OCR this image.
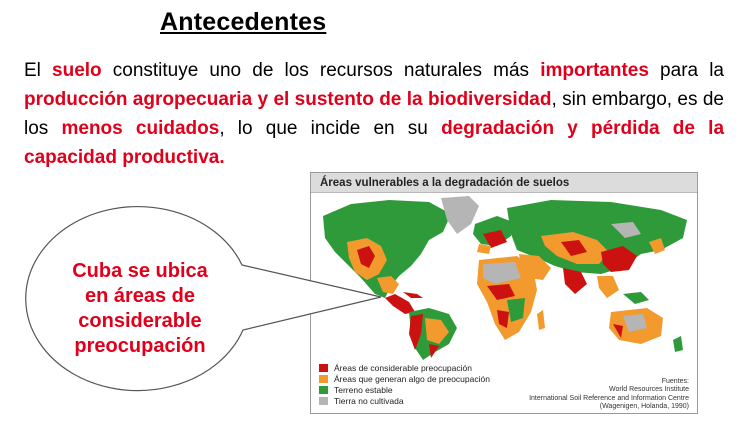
Antecedentes
El suelo constituye uno de los recursos naturales más importantes para la producción agropecuaria y el sustento de la biodiversidad, sin embargo, es de los menos cuidados, lo que incide en su degradación y pérdida de la capacidad productiva.
Áreas vulnerables a la degradación de suelos
Áreas de considerable preocupación
Áreas que generan algo de preocupación
Terreno estable
Tierra no cultivada
Fuentes:
World Resources Institute
International Soil Reference and Information Centre
(Wagenigen, Holanda, 1990)
Cuba se ubica
en áreas de
considerable
preocupación
